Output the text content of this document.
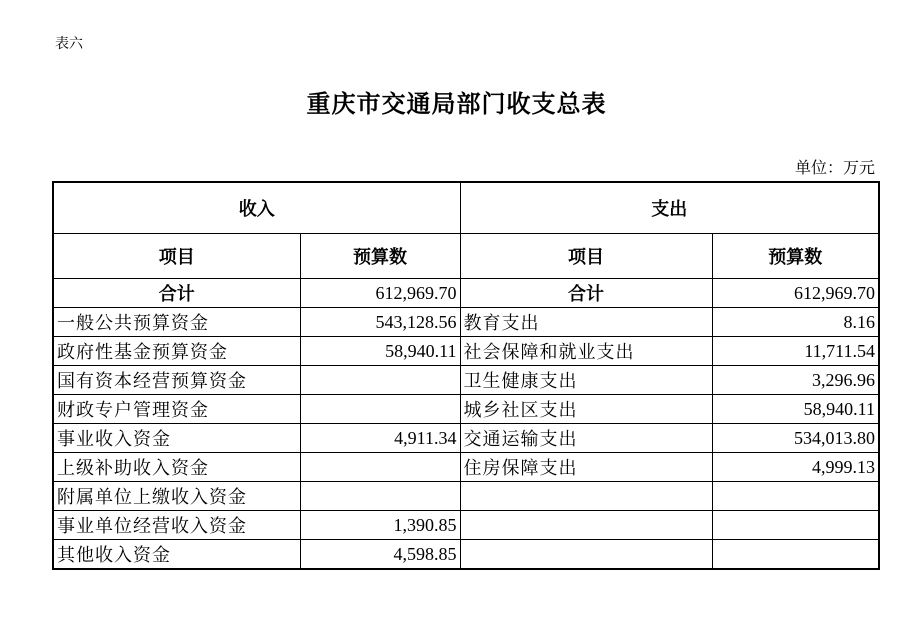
表六
重庆市交通局部门收支总表
单位：万元
收入		支出	
项目	预算数	项目	预算数
合计	612,969.70	合计	612,969.70
一般公共预算资金	543,128.56	教育支出	8.16
政府性基金预算资金	58,940.11	社会保障和就业支出	11,711.54
国有资本经营预算资金		卫生健康支出	3,296.96
财政专户管理资金		城乡社区支出	58,940.11
事业收入资金	4,911.34	交通运输支出	534,013.80
上级补助收入资金		住房保障支出	4,999.13
附属单位上缴收入资金			
事业单位经营收入资金	1,390.85		
其他收入资金	4,598.85		
